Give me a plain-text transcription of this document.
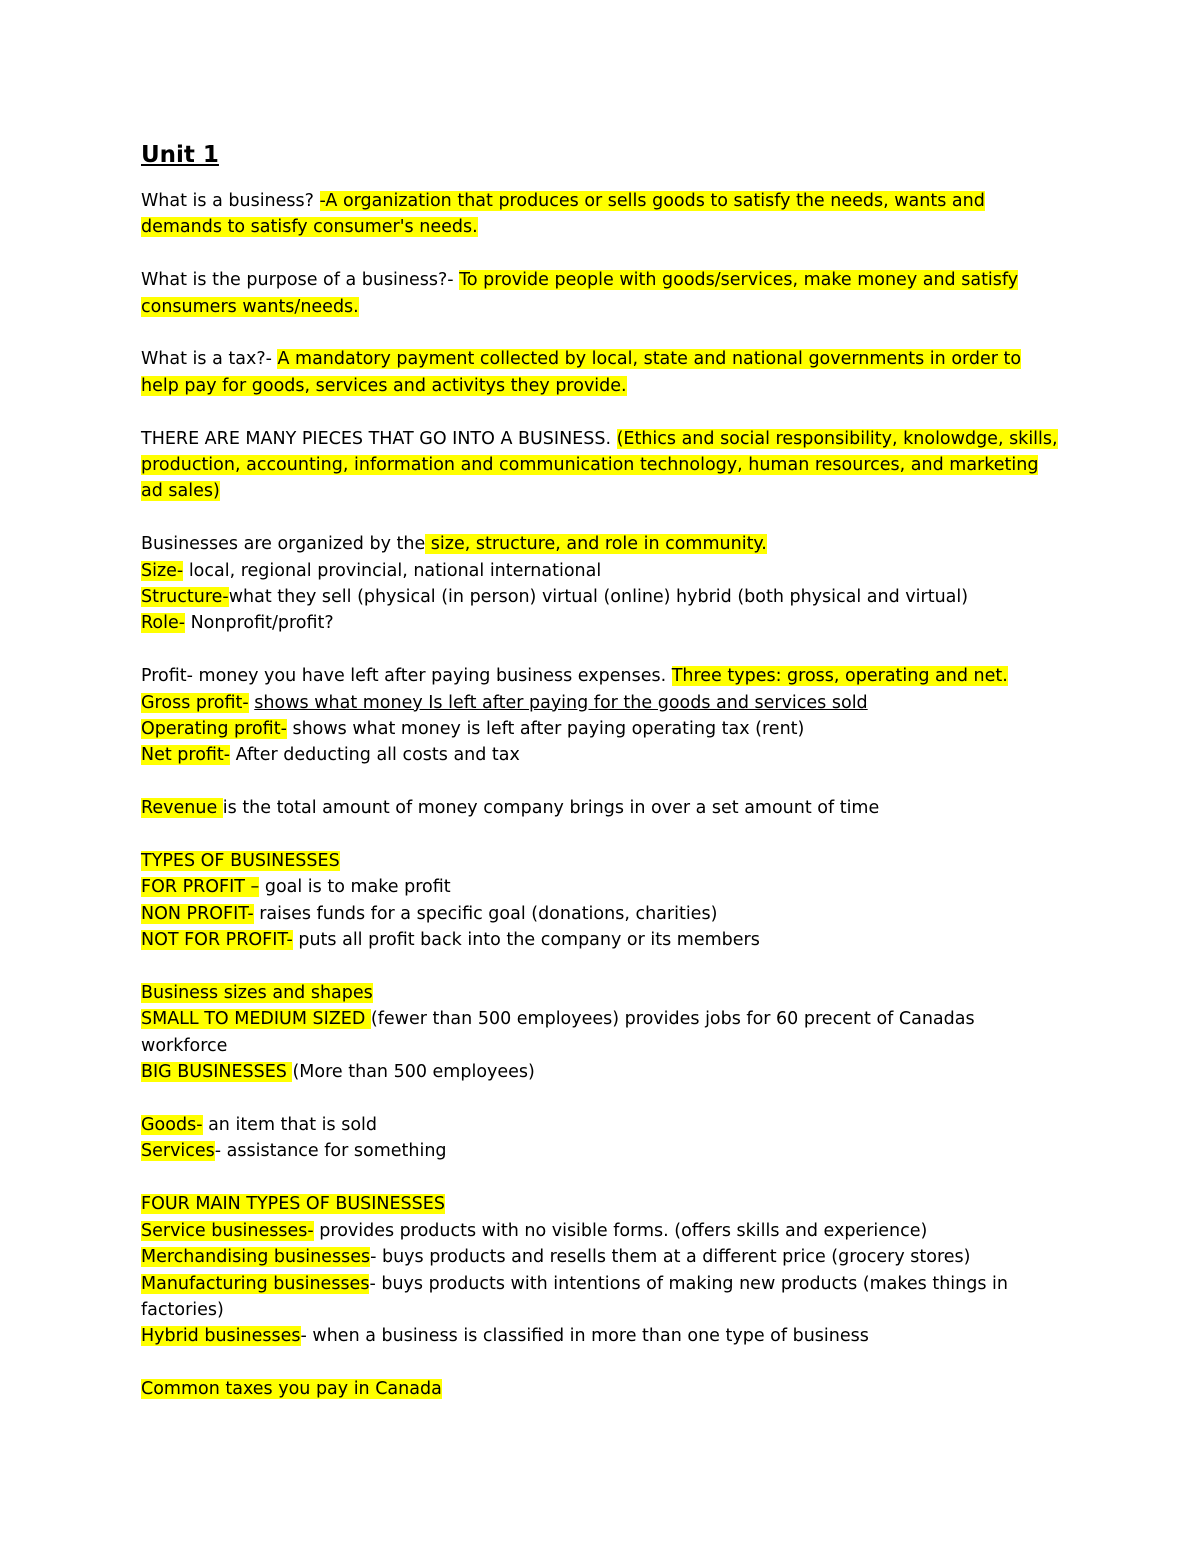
Unit 1

What is a business? -A organization that produces or sells goods to satisfy the needs, wants and demands to satisfy consumer's needs.

What is the purpose of a business?- To provide people with goods/services, make money and satisfy consumers wants/needs.

What is a tax?- A mandatory payment collected by local, state and national governments in order to help pay for goods, services and activitys they provide.

THERE ARE MANY PIECES THAT GO INTO A BUSINESS. (Ethics and social responsibility, knolowdge, skills, production, accounting, information and communication technology, human resources, and marketing ad sales)

Businesses are organized by the size, structure, and role in community.
Size- local, regional provincial, national international
Structure-what they sell (physical (in person) virtual (online) hybrid (both physical and virtual)
Role- Nonprofit/profit?
Profit- money you have left after paying business expenses. Three types: gross, operating and net.
Gross profit- shows what money Is left after paying for the goods and services sold
Operating profit- shows what money is left after paying operating tax (rent)
Net profit- After deducting all costs and tax
Revenue is the total amount of money company brings in over a set amount of time
TYPES OF BUSINESSES
FOR PROFIT – goal is to make profit
NON PROFIT- raises funds for a specific goal (donations, charities)
NOT FOR PROFIT- puts all profit back into the company or its members
Business sizes and shapes
SMALL TO MEDIUM SIZED (fewer than 500 employees) provides jobs for 60 precent of Canadas workforce
BIG BUSINESSES (More than 500 employees)
Goods- an item that is sold
Services- assistance for something
FOUR MAIN TYPES OF BUSINESSES
Service businesses- provides products with no visible forms. (offers skills and experience)
Merchandising businesses- buys products and resells them at a different price (grocery stores)
Manufacturing businesses- buys products with intentions of making new products (makes things in factories)
Hybrid businesses- when a business is classified in more than one type of business
Common taxes you pay in Canada
